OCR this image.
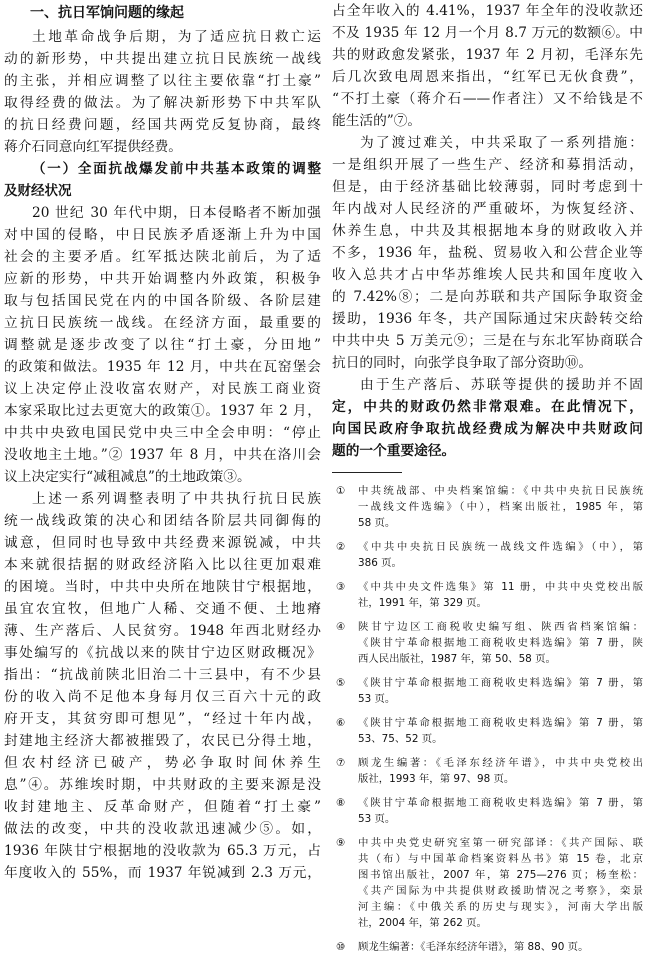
一、抗日军饷问题的缘起
土地革命战争后期，为了适应抗日救亡运
动的新形势，中共提出建立抗日民族统一战线
的主张，并相应调整了以往主要依靠“打土豪”
取得经费的做法。为了解决新形势下中共军队
的抗日经费问题，经国共两党反复协商，最终
蒋介石同意向红军提供经费。
（一）全面抗战爆发前中共基本政策的调整
及财经状况
20 世纪 30 年代中期，日本侵略者不断加强
对中国的侵略，中日民族矛盾逐渐上升为中国
社会的主要矛盾。红军抵达陕北前后，为了适
应新的形势，中共开始调整内外政策，积极争
取与包括国民党在内的中国各阶级、各阶层建
立抗日民族统一战线。在经济方面，最重要的
调整就是逐步改变了以往“打土豪，分田地”
的政策和做法。1935 年 12 月，中共在瓦窑堡会
议上决定停止没收富农财产，对民族工商业资
本家采取比过去更宽大的政策①。1937 年 2 月，
中共中央致电国民党中央三中全会申明：“停止
没收地主土地。”② 1937 年 8 月，中共在洛川会
议上决定实行“减租减息”的土地政策③。
上述一系列调整表明了中共执行抗日民族
统一战线政策的决心和团结各阶层共同御侮的
诚意，但同时也导致中共经费来源锐减，中共
本来就很拮据的财政经济陷入比以往更加艰难
的困境。当时，中共中央所在地陕甘宁根据地，
虽宜农宜牧，但地广人稀、交通不便、土地瘠
薄、生产落后、人民贫穷。1948 年西北财经办
事处编写的《抗战以来的陕甘宁边区财政概况》
指出：“抗战前陕北旧治二十三县中，有不少县
份的收入尚不足他本身每月仅三百六十元的政
府开支，其贫穷即可想见”，“经过十年内战，
封建地主经济大都被摧毁了，农民已分得土地，
但农村经济已破产，势必争取时间休养生
息”④。苏维埃时期，中共财政的主要来源是没
收封建地主、反革命财产，但随着“打土豪”
做法的改变，中共的没收款迅速减少⑤。如，
1936 年陕甘宁根据地的没收款为 65.3 万元，占
年度收入的 55%，而 1937 年锐减到 2.3 万元，
占全年收入的 4.41%，1937 年全年的没收款还
不及 1935 年 12 月一个月 8.7 万元的数额⑥。中
共的财政愈发紧张，1937 年 2 月初，毛泽东先
后几次致电周恩来指出，“红军已无伙食费”，
“不打土豪（蒋介石——作者注）又不给钱是不
能生活的”⑦。
为了渡过难关，中共采取了一系列措施：
一是组织开展了一些生产、经济和募捐活动，
但是，由于经济基础比较薄弱，同时考虑到十
年内战对人民经济的严重破坏，为恢复经济、
休养生息，中共及其根据地本身的财政收入并
不多，1936 年，盐税、贸易收入和公营企业等
收入总共才占中华苏维埃人民共和国年度收入
的 7.42%⑧；二是向苏联和共产国际争取资金
援助，1936 年冬，共产国际通过宋庆龄转交给
中共中央 5 万美元⑨；三是在与东北军协商联合
抗日的同时，向张学良争取了部分资助⑩。
由于生产落后、苏联等提供的援助并不固
定，中共的财政仍然非常艰难。在此情况下，
向国民政府争取抗战经费成为解决中共财政问
题的一个重要途径。
①	中共统战部、中央档案馆编：《中共中央抗日民族统
一战线文件选编》（中），档案出版社，1985 年，第
58 页。
②	《中共中央抗日民族统一战线文件选编》（中），第
386 页。
③	《中共中央文件选集》第 11 册，中共中央党校出版
社，1991 年，第 329 页。
④	陕甘宁边区工商税收史编写组、陕西省档案馆编：
《陕甘宁革命根据地工商税收史料选编》第 7 册，陕
西人民出版社，1987 年，第 50、58 页。
⑤	《陕甘宁革命根据地工商税收史料选编》第 7 册，第
53 页。
⑥	《陕甘宁革命根据地工商税收史料选编》第 7 册，第
53、75、52 页。
⑦	顾龙生编著：《毛泽东经济年谱》，中共中央党校出
版社，1993 年，第 97、98 页。
⑧	《陕甘宁革命根据地工商税收史料选编》第 7 册，第
53 页。
⑨	中共中央党史研究室第一研究部译：《共产国际、联
共（布）与中国革命档案资料丛书》第 15 卷，北京
图书馆出版社，2007 年，第 275—276 页；杨奎松：
《共产国际为中共提供财政援助情况之考察》，栾景
河主编：《中俄关系的历史与现实》，河南大学出版
社，2004 年，第 262 页。
⑩	顾龙生编著：《毛泽东经济年谱》，第 88、90 页。
